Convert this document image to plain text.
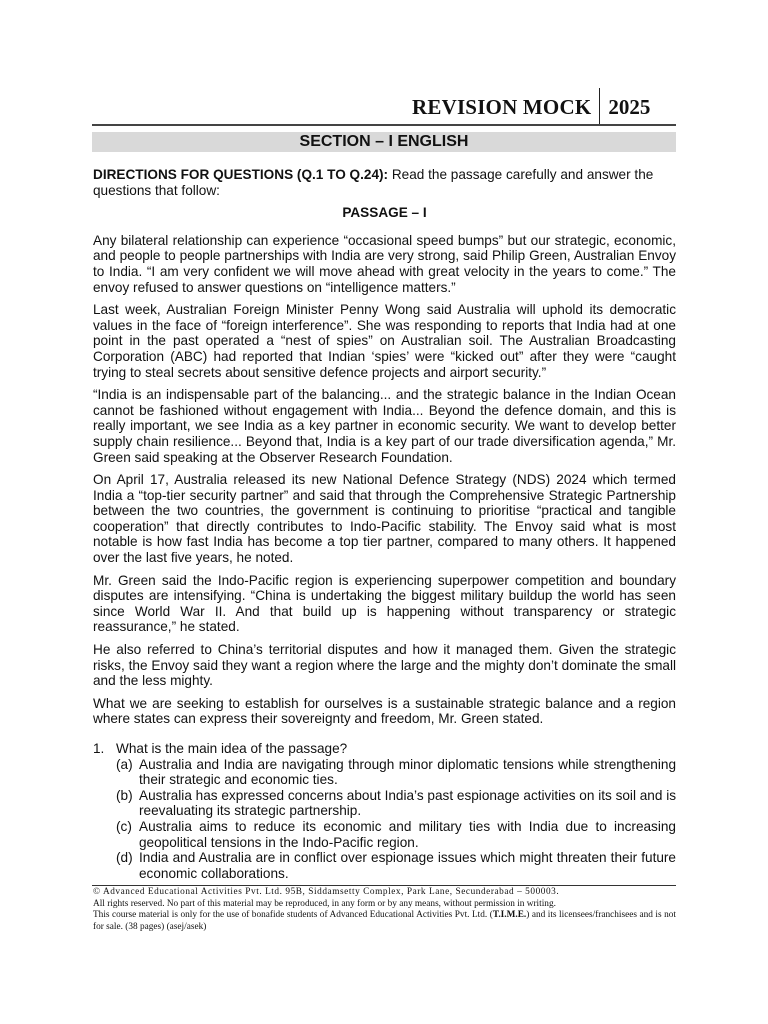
REVISION MOCK 2025
SECTION – I ENGLISH

DIRECTIONS FOR QUESTIONS (Q.1 TO Q.24): Read the passage carefully and answer the questions that follow:

PASSAGE – I

Any bilateral relationship can experience “occasional speed bumps” but our strategic, economic, and people to people partnerships with India are very strong, said Philip Green, Australian Envoy to India. “I am very confident we will move ahead with great velocity in the years to come.” The envoy refused to answer questions on “intelligence matters.”

Last week, Australian Foreign Minister Penny Wong said Australia will uphold its democratic values in the face of “foreign interference”. She was responding to reports that India had at one point in the past operated a “nest of spies” on Australian soil. The Australian Broadcasting Corporation (ABC) had reported that Indian ‘spies’ were “kicked out” after they were “caught trying to steal secrets about sensitive defence projects and airport security.”

“India is an indispensable part of the balancing... and the strategic balance in the Indian Ocean cannot be fashioned without engagement with India... Beyond the defence domain, and this is really important, we see India as a key partner in economic security. We want to develop better supply chain resilience... Beyond that, India is a key part of our trade diversification agenda,” Mr. Green said speaking at the Observer Research Foundation.

On April 17, Australia released its new National Defence Strategy (NDS) 2024 which termed India a “top-tier security partner” and said that through the Comprehensive Strategic Partnership between the two countries, the government is continuing to prioritise “practical and tangible cooperation” that directly contributes to Indo-Pacific stability. The Envoy said what is most notable is how fast India has become a top tier partner, compared to many others. It happened over the last five years, he noted.

Mr. Green said the Indo-Pacific region is experiencing superpower competition and boundary disputes are intensifying. “China is undertaking the biggest military buildup the world has seen since World War II. And that build up is happening without transparency or strategic reassurance,” he stated.

He also referred to China’s territorial disputes and how it managed them. Given the strategic risks, the Envoy said they want a region where the large and the mighty don’t dominate the small and the less mighty.

What we are seeking to establish for ourselves is a sustainable strategic balance and a region where states can express their sovereignty and freedom, Mr. Green stated.

1. What is the main idea of the passage?
(a) Australia and India are navigating through minor diplomatic tensions while strengthening their strategic and economic ties.
(b) Australia has expressed concerns about India’s past espionage activities on its soil and is reevaluating its strategic partnership.
(c) Australia aims to reduce its economic and military ties with India due to increasing geopolitical tensions in the Indo-Pacific region.
(d) India and Australia are in conflict over espionage issues which might threaten their future economic collaborations.
© Advanced Educational Activities Pvt. Ltd. 95B, Siddamsetty Complex, Park Lane, Secunderabad – 500003.
All rights reserved. No part of this material may be reproduced, in any form or by any means, without permission in writing.
This course material is only for the use of bonafide students of Advanced Educational Activities Pvt. Ltd. (T.I.M.E.) and its licensees/franchisees and is not for sale. (38 pages) (asej/asek)
